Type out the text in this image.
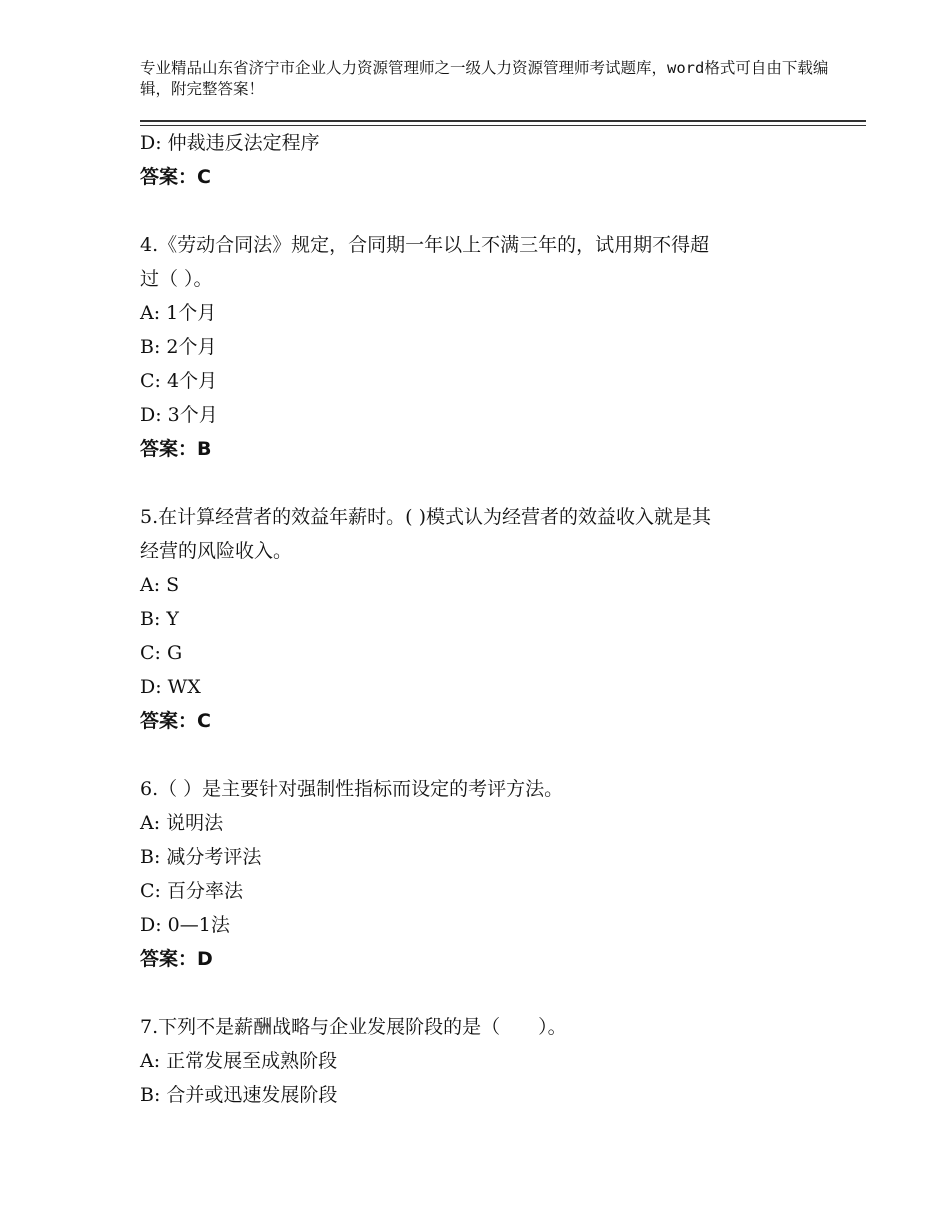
专业精品山东省济宁市企业人力资源管理师之一级人力资源管理师考试题库，word格式可自由下载编辑，附完整答案！
D: 仲裁违反法定程序
答案：C
4.《劳动合同法》规定，合同期一年以上不满三年的，试用期不得超
过（ ）。
A: 1个月
B: 2个月
C: 4个月
D: 3个月
答案：B
5.在计算经营者的效益年薪时。( )模式认为经营者的效益收入就是其
经营的风险收入。
A: S
B: Y
C: G
D: WX
答案：C
6.（ ）是主要针对强制性指标而设定的考评方法。
A: 说明法
B: 减分考评法
C: 百分率法
D: 0—1法
答案：D
7.下列不是薪酬战略与企业发展阶段的是（　　）。
A: 正常发展至成熟阶段
B: 合并或迅速发展阶段
